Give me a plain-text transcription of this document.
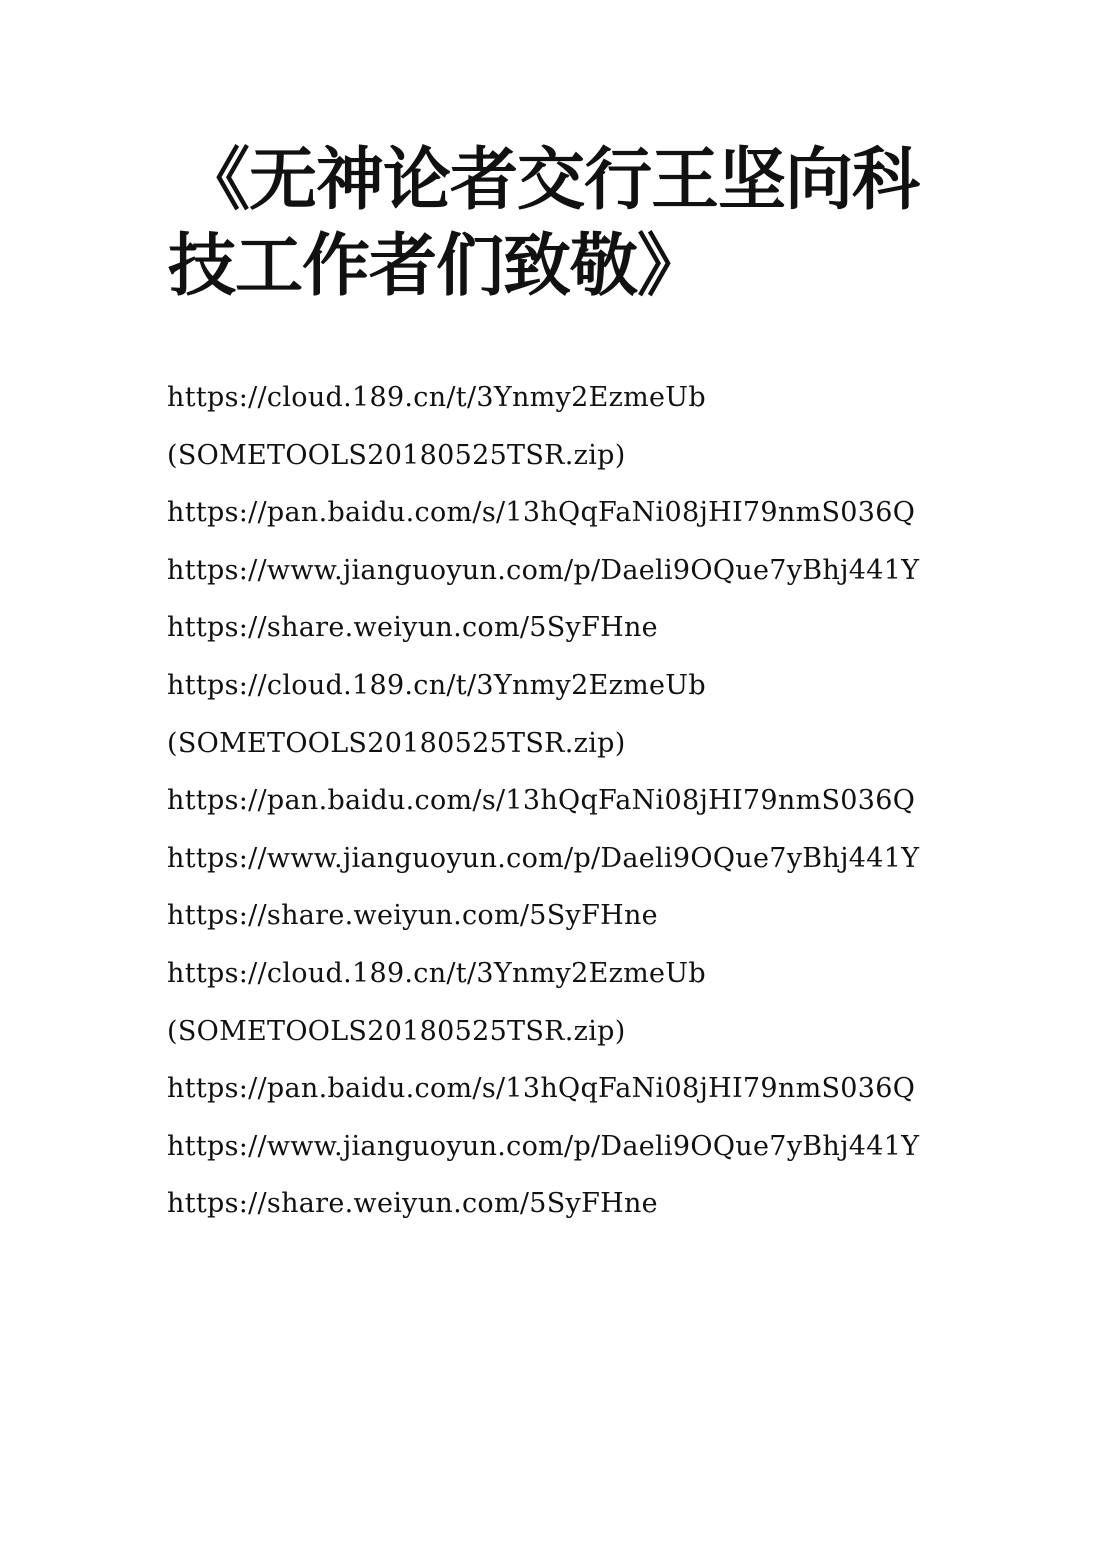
《无神论者交行王坚向科
技工作者们致敬》
https://cloud.189.cn/t/3Ynmy2EzmeUb
(SOMETOOLS20180525TSR.zip)
https://pan.baidu.com/s/13hQqFaNi08jHI79nmS036Q
https://www.jianguoyun.com/p/Daeli9OQue7yBhj441Y
https://share.weiyun.com/5SyFHne
https://cloud.189.cn/t/3Ynmy2EzmeUb
(SOMETOOLS20180525TSR.zip)
https://pan.baidu.com/s/13hQqFaNi08jHI79nmS036Q
https://www.jianguoyun.com/p/Daeli9OQue7yBhj441Y
https://share.weiyun.com/5SyFHne
https://cloud.189.cn/t/3Ynmy2EzmeUb
(SOMETOOLS20180525TSR.zip)
https://pan.baidu.com/s/13hQqFaNi08jHI79nmS036Q
https://www.jianguoyun.com/p/Daeli9OQue7yBhj441Y
https://share.weiyun.com/5SyFHne
